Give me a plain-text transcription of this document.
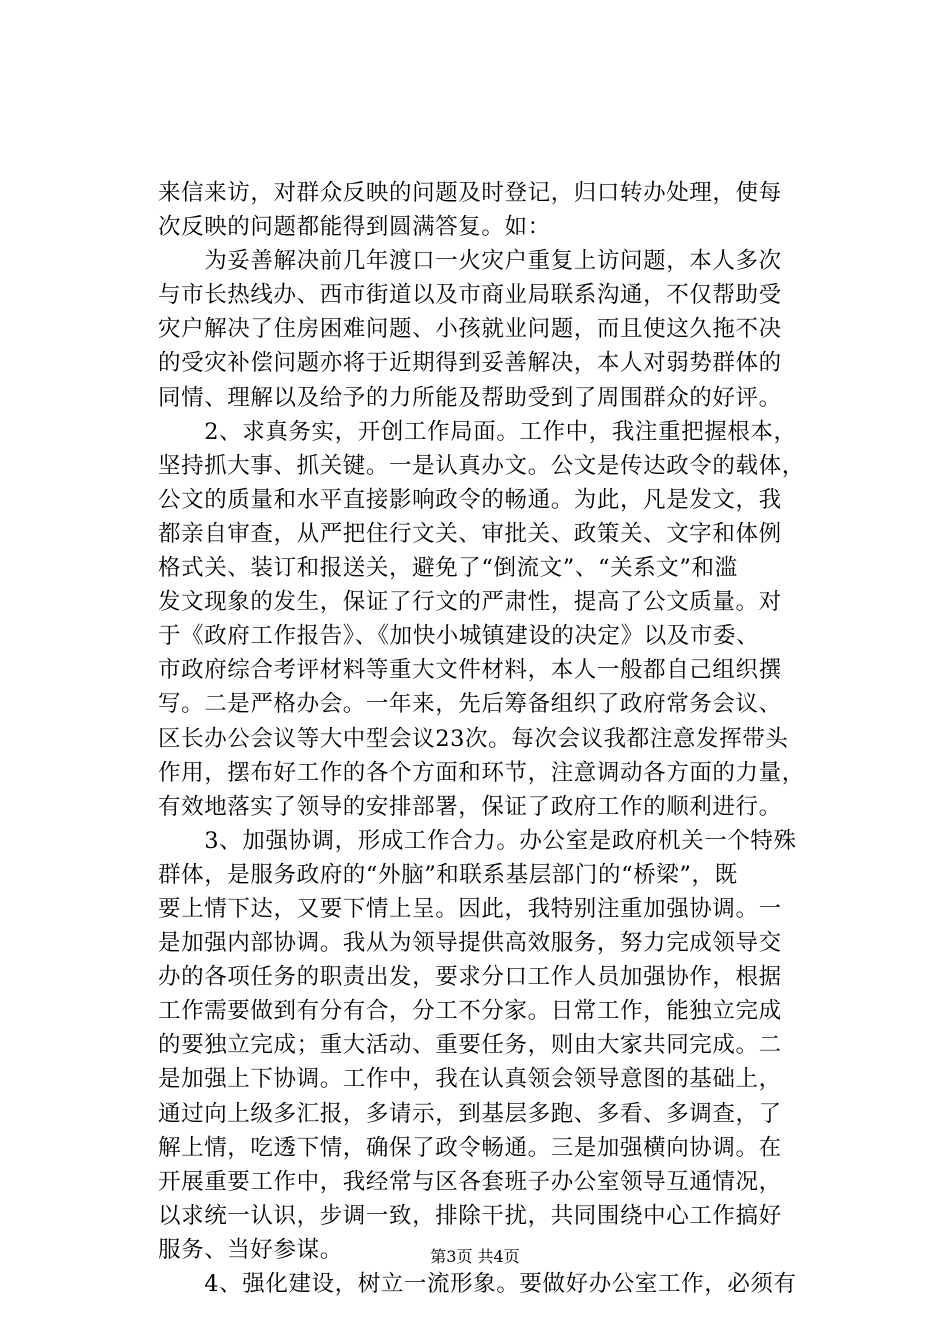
来信来访，对群众反映的问题及时登记，归口转办处理，使每
次反映的问题都能得到圆满答复。如：
　　为妥善解决前几年渡口一火灾户重复上访问题，本人多次
与市长热线办、西市街道以及市商业局联系沟通，不仅帮助受
灾户解决了住房困难问题、小孩就业问题，而且使这久拖不决
的受灾补偿问题亦将于近期得到妥善解决，本人对弱势群体的
同情、理解以及给予的力所能及帮助受到了周围群众的好评。
　　2、求真务实，开创工作局面。工作中，我注重把握根本，
坚持抓大事、抓关键。一是认真办文。公文是传达政令的载体，
公文的质量和水平直接影响政令的畅通。为此，凡是发文，我
都亲自审查，从严把住行文关、审批关、政策关、文字和体例
格式关、装订和报送关，避免了“倒流文”、“关系文”和滥
发文现象的发生，保证了行文的严肃性，提高了公文质量。对
于《政府工作报告》、《加快小城镇建设的决定》以及市委、
市政府综合考评材料等重大文件材料，本人一般都自己组织撰
写。二是严格办会。一年来，先后筹备组织了政府常务会议、
区长办公会议等大中型会议23次。每次会议我都注意发挥带头
作用，摆布好工作的各个方面和环节，注意调动各方面的力量，
有效地落实了领导的安排部署，保证了政府工作的顺利进行。
　　3、加强协调，形成工作合力。办公室是政府机关一个特殊
群体，是服务政府的“外脑”和联系基层部门的“桥梁”，既
要上情下达，又要下情上呈。因此，我特别注重加强协调。一
是加强内部协调。我从为领导提供高效服务，努力完成领导交
办的各项任务的职责出发，要求分口工作人员加强协作，根据
工作需要做到有分有合，分工不分家。日常工作，能独立完成
的要独立完成；重大活动、重要任务，则由大家共同完成。二
是加强上下协调。工作中，我在认真领会领导意图的基础上，
通过向上级多汇报，多请示，到基层多跑、多看、多调查，了
解上情，吃透下情，确保了政令畅通。三是加强横向协调。在
开展重要工作中，我经常与区各套班子办公室领导互通情况，
以求统一认识，步调一致，排除干扰，共同围绕中心工作搞好
服务、当好参谋。
　　4、强化建设，树立一流形象。要做好办公室工作，必须有
第3页 共4页
